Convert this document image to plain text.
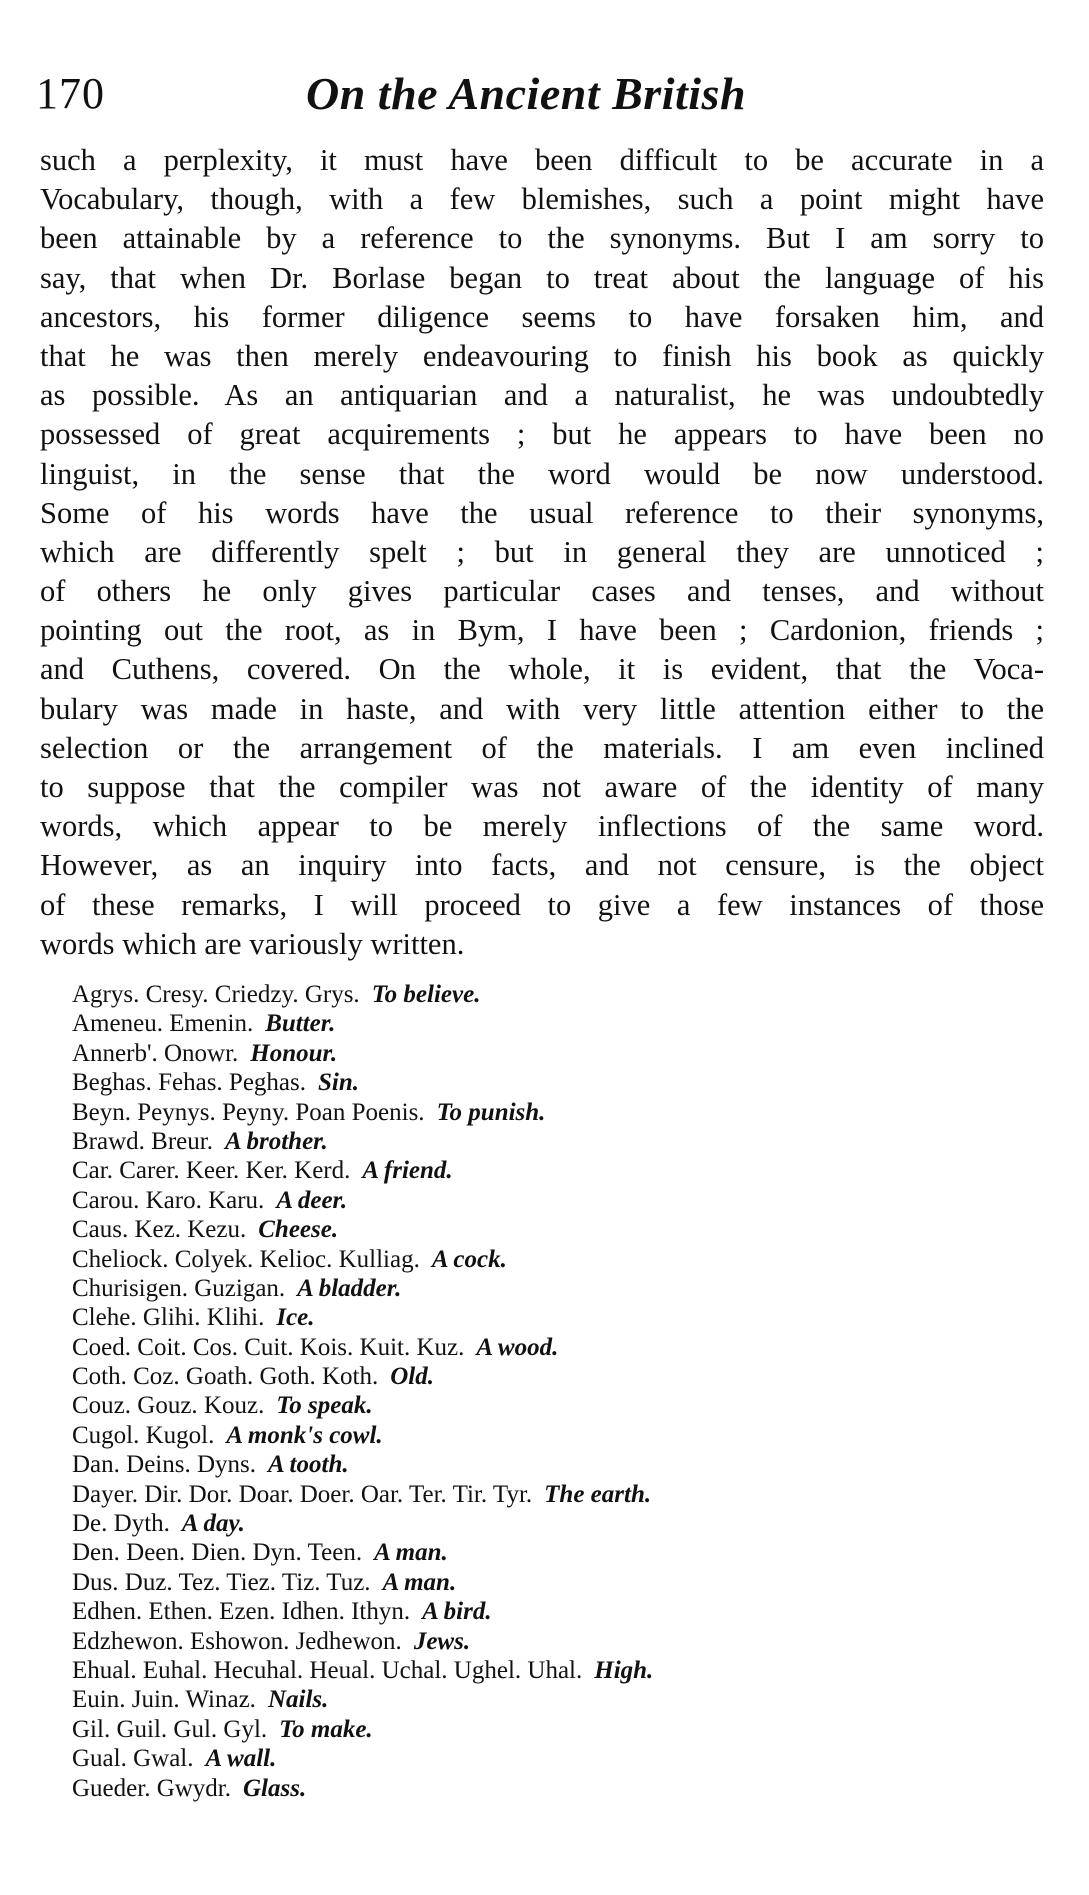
170	On the Ancient British
such a perplexity, it must have been difficult to be accurate in a
Vocabulary, though, with a few blemishes, such a point might have
been attainable by a reference to the synonyms. But I am sorry to
say, that when Dr. Borlase began to treat about the language of his
ancestors, his former diligence seems to have forsaken him, and
that he was then merely endeavouring to finish his book as quickly
as possible. As an antiquarian and a naturalist, he was undoubtedly
possessed of great acquirements ; but he appears to have been no
linguist, in the sense that the word would be now understood.
Some of his words have the usual reference to their synonyms,
which are differently spelt ; but in general they are unnoticed ;
of others he only gives particular cases and tenses, and without
pointing out the root, as in Bym, I have been ; Cardonion, friends ;
and Cuthens, covered. On the whole, it is evident, that the Voca-
bulary was made in haste, and with very little attention either to the
selection or the arrangement of the materials. I am even inclined
to suppose that the compiler was not aware of the identity of many
words, which appear to be merely inflections of the same word.
However, as an inquiry into facts, and not censure, is the object
of these remarks, I will proceed to give a few instances of those
words which are variously written.
Agrys. Cresy. Criedzy. Grys. To believe.
Ameneu. Emenin. Butter.
Annerb'. Onowr. Honour.
Beghas. Fehas. Peghas. Sin.
Beyn. Peynys. Peyny. Poan Poenis. To punish.
Brawd. Breur. A brother.
Car. Carer. Keer. Ker. Kerd. A friend.
Carou. Karo. Karu. A deer.
Caus. Kez. Kezu. Cheese.
Cheliock. Colyek. Kelioc. Kulliag. A cock.
Churisigen. Guzigan. A bladder.
Clehe. Glihi. Klihi. Ice.
Coed. Coit. Cos. Cuit. Kois. Kuit. Kuz. A wood.
Coth. Coz. Goath. Goth. Koth. Old.
Couz. Gouz. Kouz. To speak.
Cugol. Kugol. A monk's cowl.
Dan. Deins. Dyns. A tooth.
Dayer. Dir. Dor. Doar. Doer. Oar. Ter. Tir. Tyr. The earth.
De. Dyth. A day.
Den. Deen. Dien. Dyn. Teen. A man.
Dus. Duz. Tez. Tiez. Tiz. Tuz. A man.
Edhen. Ethen. Ezen. Idhen. Ithyn. A bird.
Edzhewon. Eshowon. Jedhewon. Jews.
Ehual. Euhal. Hecuhal. Heual. Uchal. Ughel. Uhal. High.
Euin. Juin. Winaz. Nails.
Gil. Guil. Gul. Gyl. To make.
Gual. Gwal. A wall.
Gueder. Gwydr. Glass.
